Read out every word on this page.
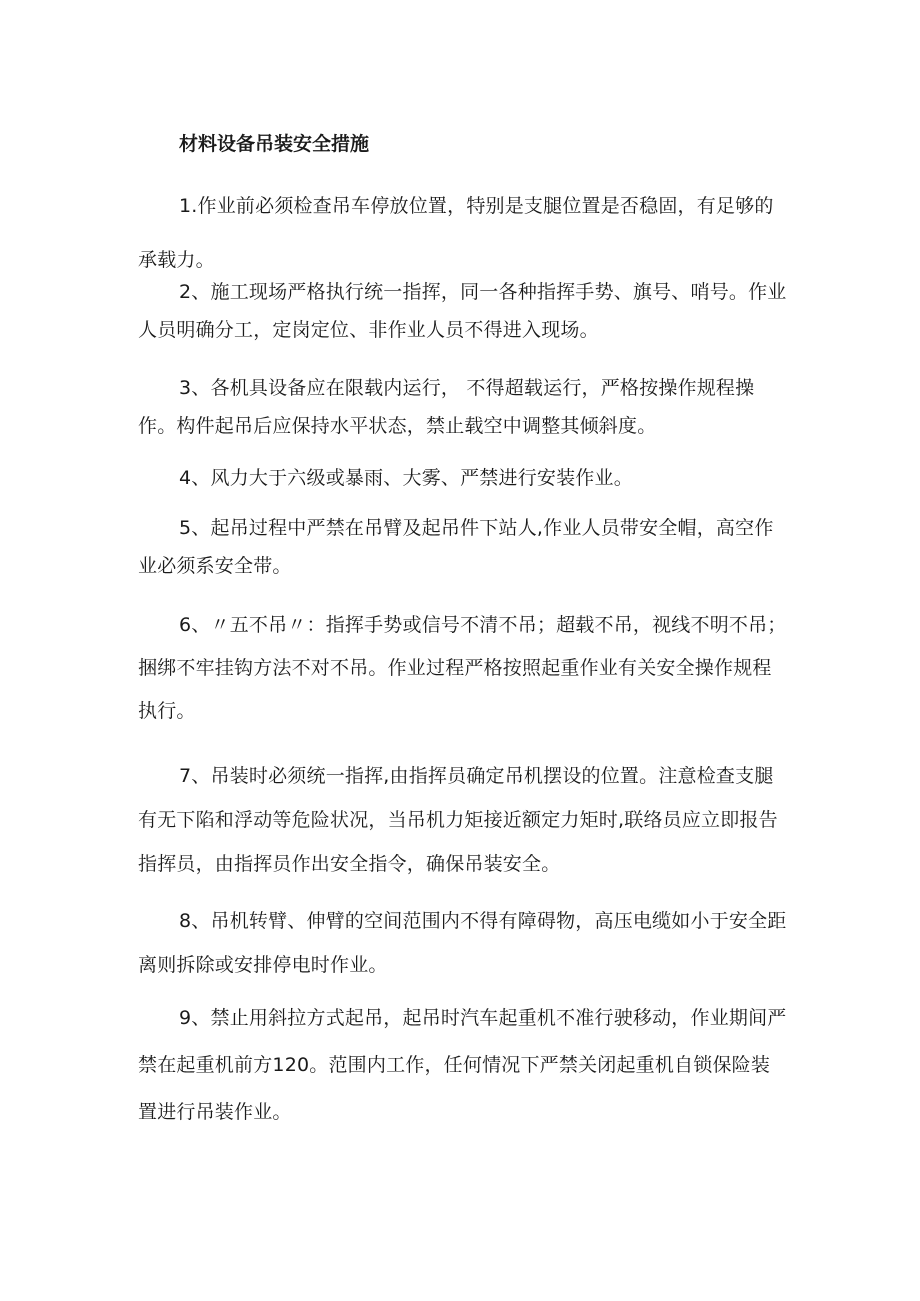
材料设备吊装安全措施

1.作业前必须检查吊车停放位置，特别是支腿位置是否稳固，有足够的承载力。

2、施工现场严格执行统一指挥，同一各种指挥手势、旗号、哨号。作业人员明确分工，定岗定位、非作业人员不得进入现场。

3、各机具设备应在限载内运行， 不得超载运行，严格按操作规程操作。构件起吊后应保持水平状态，禁止载空中调整其倾斜度。

4、风力大于六级或暴雨、大雾、严禁进行安装作业。

5、起吊过程中严禁在吊臂及起吊件下站人,作业人员带安全帽，高空作业必须系安全带。

6、〃五不吊〃：指挥手势或信号不清不吊；超载不吊，视线不明不吊；捆绑不牢挂钩方法不对不吊。作业过程严格按照起重作业有关安全操作规程执行。

7、吊装时必须统一指挥,由指挥员确定吊机摆设的位置。注意检查支腿有无下陷和浮动等危险状况，当吊机力矩接近额定力矩时,联络员应立即报告指挥员，由指挥员作出安全指令，确保吊装安全。

8、吊机转臂、伸臂的空间范围内不得有障碍物，高压电缆如小于安全距离则拆除或安排停电时作业。

9、禁止用斜拉方式起吊，起吊时汽车起重机不准行驶移动，作业期间严禁在起重机前方120。范围内工作，任何情况下严禁关闭起重机自锁保险装置进行吊装作业。
